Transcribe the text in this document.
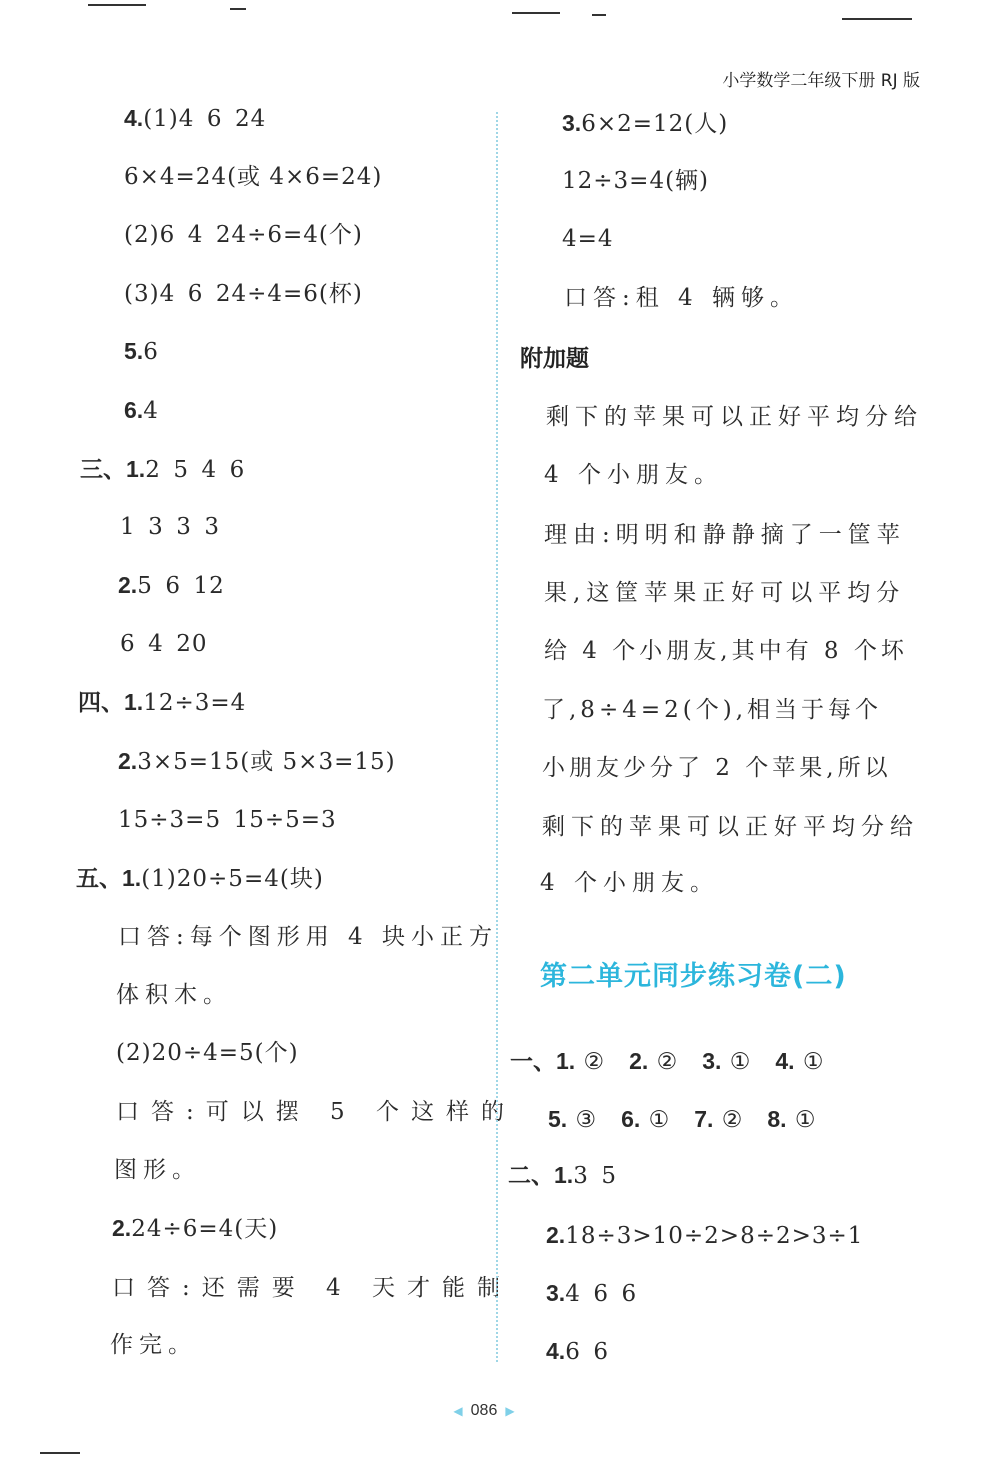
小学数学二年级下册 RJ 版
4.(1)4 6 24
6×4=24(或 4×6=24)
(2)6 4 24÷6=4(个)
(3)4 6 24÷4=6(杯)
5.6
6.4
三、1.2 5 4 6
1 3 3 3
2.5 6 12
6 4 20
四、1.12÷3=4
2.3×5=15(或 5×3=15)
15÷3=5 15÷5=3
五、1.(1)20÷5=4(块)
口答:每个图形用 4 块小正方
体积木。
(2)20÷4=5(个)
口答:可以摆 5 个这样的
图形。
2.24÷6=4(天)
口答:还需要 4 天才能制
作完。
3.6×2=12(人)
12÷3=4(辆)
4=4
口答:租 4 辆够。
附加题
剩下的苹果可以正好平均分给
4 个小朋友。
理由:明明和静静摘了一筐苹
果,这筐苹果正好可以平均分
给 4 个小朋友,其中有 8 个坏
了,8÷4=2(个),相当于每个
小朋友少分了 2 个苹果,所以
剩下的苹果可以正好平均分给
4 个小朋友。
第二单元同步练习卷(二)
一、1. ② 2. ② 3. ① 4. ①
5. ③ 6. ① 7. ② 8. ①
二、1.3 5
2.18÷3>10÷2>8÷2>3÷1
3.4 6 6
4.6 6
◀ 086 ▶
